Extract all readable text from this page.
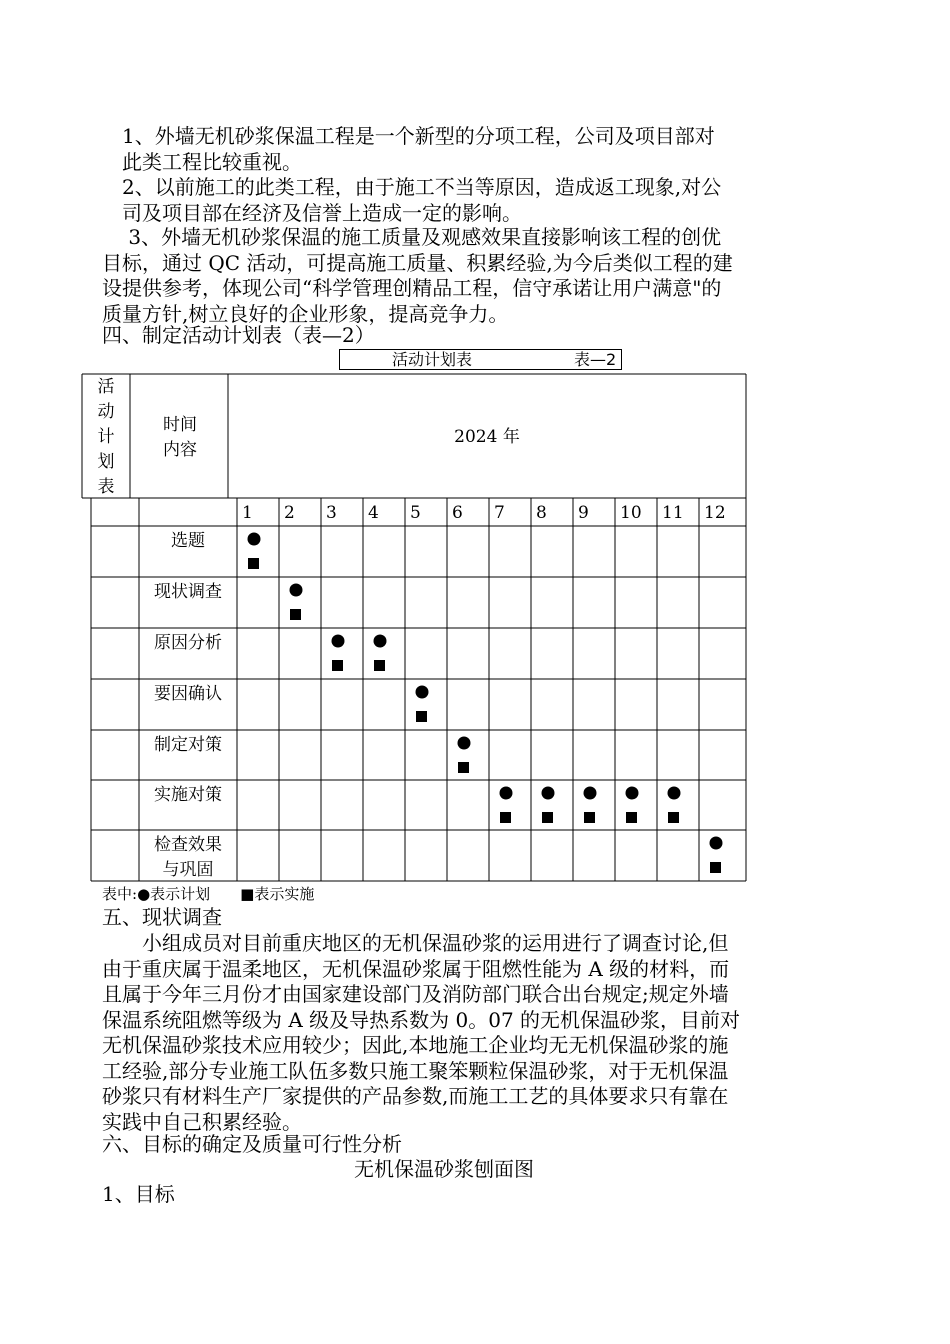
　1、外墙无机砂浆保温工程是一个新型的分项工程，公司及项目部对
　此类工程比较重视。
　2、以前施工的此类工程，由于施工不当等原因，造成返工现象,对公
　司及项目部在经济及信誉上造成一定的影响。
　 3、外墙无机砂浆保温的施工质量及观感效果直接影响该工程的创优
目标，通过 QC 活动，可提高施工质量、积累经验,为今后类似工程的建
设提供参考，体现公司“科学管理创精品工程，信守承诺让用户满意"的
质量方针,树立良好的企业形象，提高竞争力。
四、制定活动计划表（表—2）
活动计划表	表—2
活
动
计
划
表
时间
内容
2024 年
1 2 3 4 5 6 7 8 9 10 11 12
选题
现状调查
原因分析
要因确认
制定对策
实施对策
检查效果
与巩固
表中:●表示计划 ■表示实施
五、现状调查
　　小组成员对目前重庆地区的无机保温砂浆的运用进行了调查讨论,但
由于重庆属于温柔地区，无机保温砂浆属于阻燃性能为 A 级的材料，而
且属于今年三月份才由国家建设部门及消防部门联合出台规定;规定外墙
保温系统阻燃等级为 A 级及导热系数为 0。07 的无机保温砂浆，目前对
无机保温砂浆技术应用较少；因此,本地施工企业均无无机保温砂浆的施
工经验,部分专业施工队伍多数只施工聚笨颗粒保温砂浆，对于无机保温
砂浆只有材料生产厂家提供的产品参数,而施工工艺的具体要求只有靠在
实践中自己积累经验。
六、目标的确定及质量可行性分析
无机保温砂浆刨面图
1、目标
